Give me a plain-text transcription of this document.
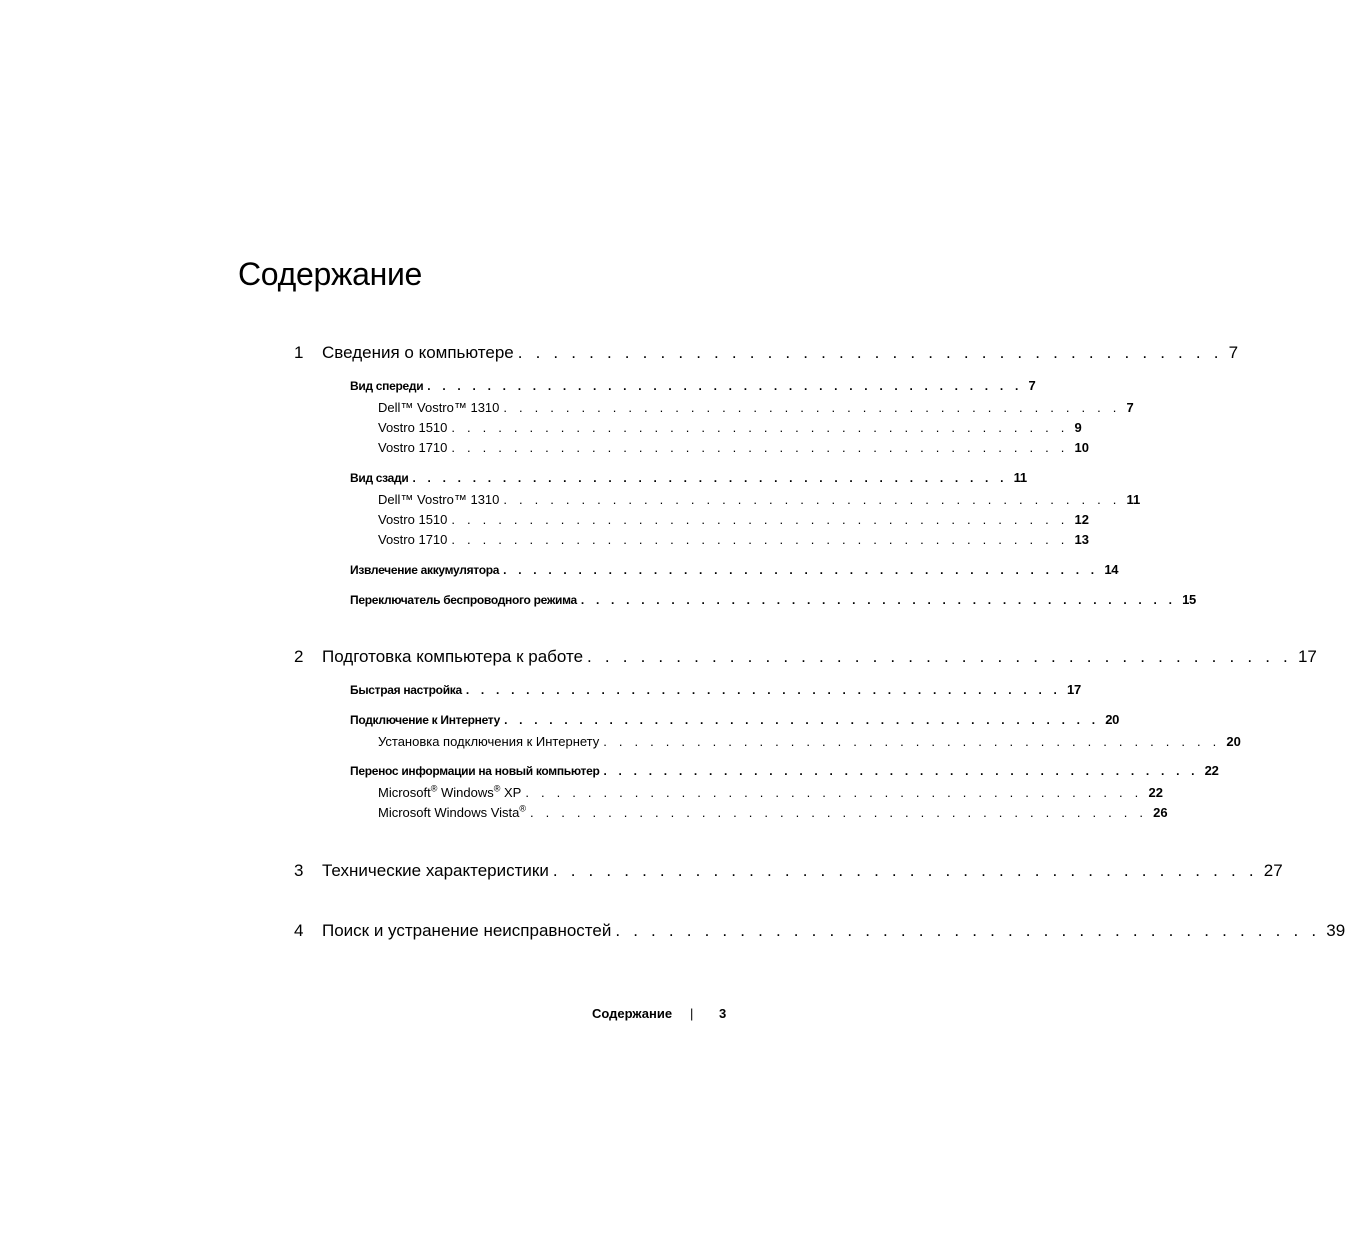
Содержание
1 Сведения о компьютере . . . . . . . . . . . . . . . . . . . . . . . . . . . . . . . . . . . . . . . . 7
Вид спереди . . . . . . . . . . . . . . . . . . . . . . . . . . . . . . . . . . . . . . . . 7
Dell™ Vostro™ 1310 . . . . . . . . . . . . . . . . . . . . . . . . . . . . . . . . . . . . . . . . 7
Vostro 1510 . . . . . . . . . . . . . . . . . . . . . . . . . . . . . . . . . . . . . . . . 9
Vostro 1710 . . . . . . . . . . . . . . . . . . . . . . . . . . . . . . . . . . . . . . . . 10
Вид сзади . . . . . . . . . . . . . . . . . . . . . . . . . . . . . . . . . . . . . . . . 11
Dell™ Vostro™ 1310 . . . . . . . . . . . . . . . . . . . . . . . . . . . . . . . . . . . . . . . . 11
Vostro 1510 . . . . . . . . . . . . . . . . . . . . . . . . . . . . . . . . . . . . . . . . 12
Vostro 1710 . . . . . . . . . . . . . . . . . . . . . . . . . . . . . . . . . . . . . . . . 13
Извлечение аккумулятора . . . . . . . . . . . . . . . . . . . . . . . . . . . . . . . . . . . . . . . . 14
Переключатель беспроводного режима . . . . . . . . . . . . . . . . . . . . . . . . . . . . . . . . . . . . . . . . 15
2 Подготовка компьютера к работе . . . . . . . . . . . . . . . . . . . . . . . . . . . . . . . . . . . . . . . . 17
Быстрая настройка . . . . . . . . . . . . . . . . . . . . . . . . . . . . . . . . . . . . . . . . 17
Подключение к Интернету . . . . . . . . . . . . . . . . . . . . . . . . . . . . . . . . . . . . . . . . 20
Установка подключения к Интернету . . . . . . . . . . . . . . . . . . . . . . . . . . . . . . . . . . . . . . . . 20
Перенос информации на новый компьютер . . . . . . . . . . . . . . . . . . . . . . . . . . . . . . . . . . . . . . . . 22
Microsoft® Windows® XP . . . . . . . . . . . . . . . . . . . . . . . . . . . . . . . . . . . . . . . . 22
Microsoft Windows Vista® . . . . . . . . . . . . . . . . . . . . . . . . . . . . . . . . . . . . . . . . 26
3 Технические характеристики . . . . . . . . . . . . . . . . . . . . . . . . . . . . . . . . . . . . . . . . 27
4 Поиск и устранение неисправностей . . . . . . . . . . . . . . . . . . . . . . . . . . . . . . . . . . . . . . . . 39
Содержание | 3
